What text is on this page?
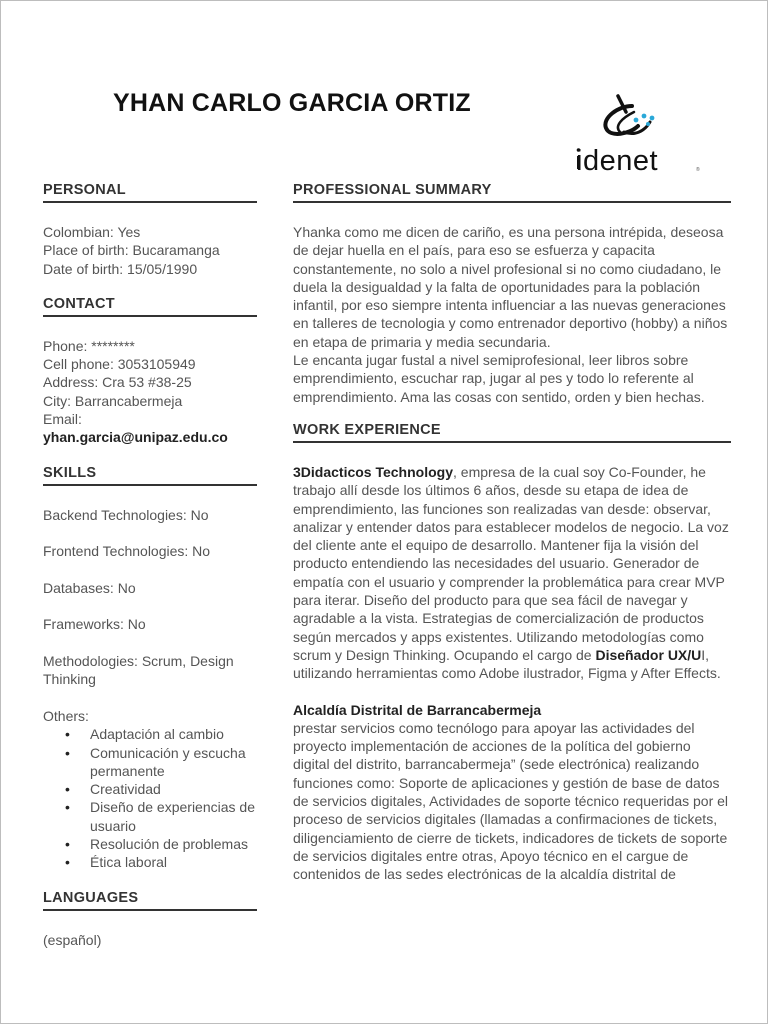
YHAN CARLO GARCIA ORTIZ
idenet	®
PERSONAL
Colombian: Yes
Place of birth: Bucaramanga
Date of birth: 15/05/1990
CONTACT
Phone: ********
Cell phone: 3053105949
Address: Cra 53 #38-25
City: Barrancabermeja
Email:
yhan.garcia@unipaz.edu.co
SKILLS
Backend Technologies: No
Frontend Technologies: No
Databases: No
Frameworks: No
Methodologies: Scrum, Design Thinking
Others:
• Adaptación al cambio
• Comunicación y escucha permanente
• Creatividad
• Diseño de experiencias de usuario
• Resolución de problemas
• Ética laboral
LANGUAGES
(español)
PROFESSIONAL SUMMARY
Yhanka como me dicen de cariño, es una persona intrépida, deseosa de dejar huella en el país, para eso se esfuerza y capacita constantemente, no solo a nivel profesional si no como ciudadano, le duela la desigualdad y la falta de oportunidades para la población infantil, por eso siempre intenta influenciar a las nuevas generaciones en talleres de tecnologia y como entrenador deportivo (hobby) a niños en etapa de primaria y media secundaria.
Le encanta jugar fustal a nivel semiprofesional, leer libros sobre emprendimiento, escuchar rap, jugar al pes y todo lo referente al emprendimiento. Ama las cosas con sentido, orden y bien hechas.
WORK EXPERIENCE
3Didacticos Technology, empresa de la cual soy Co-Founder, he trabajo allí desde los últimos 6 años, desde su etapa de idea de emprendimiento, las funciones son realizadas van desde: observar, analizar y entender datos para establecer modelos de negocio. La voz del cliente ante el equipo de desarrollo. Mantener fija la visión del producto entendiendo las necesidades del usuario. Generador de empatía con el usuario y comprender la problemática para crear MVP para iterar. Diseño del producto para que sea fácil de navegar y agradable a la vista. Estrategias de comercialización de productos según mercados y apps existentes. Utilizando metodologías como scrum y Design Thinking. Ocupando el cargo de Diseñador UX/UI, utilizando herramientas como Adobe ilustrador, Figma y After Effects.
Alcaldía Distrital de Barrancabermeja
prestar servicios como tecnólogo para apoyar las actividades del proyecto implementación de acciones de la política del gobierno digital del distrito, barrancabermeja” (sede electrónica) realizando funciones como: Soporte de aplicaciones y gestión de base de datos de servicios digitales, Actividades de soporte técnico requeridas por el proceso de servicios digitales (llamadas a confirmaciones de tickets, diligenciamiento de cierre de tickets, indicadores de tickets de soporte de servicios digitales entre otras, Apoyo técnico en el cargue de contenidos de las sedes electrónicas de la alcaldía distrital de
